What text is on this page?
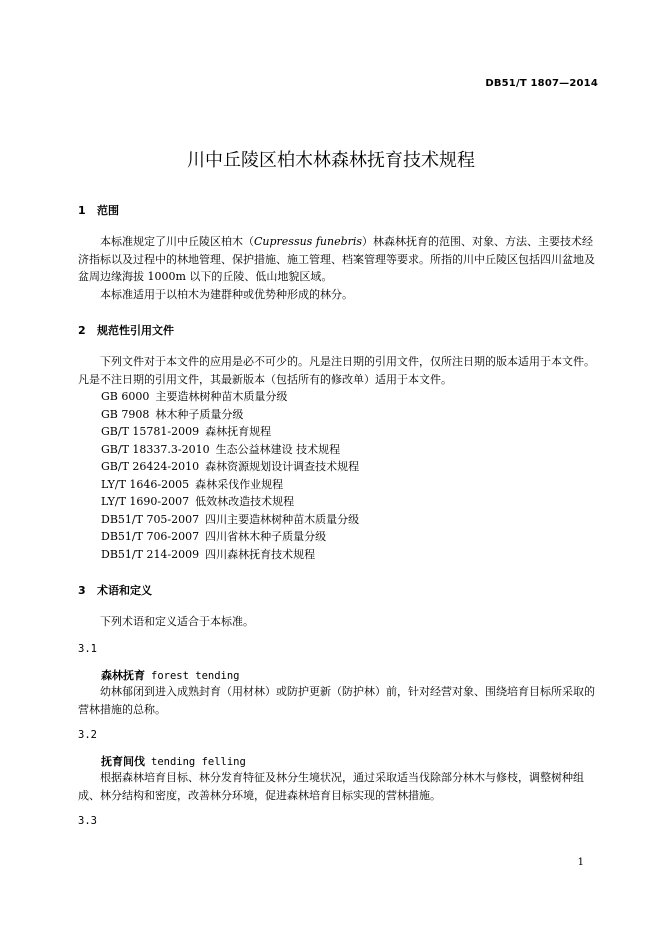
DB51/T 1807—2014
川中丘陵区柏木林森林抚育技术规程
1 范围

本标准规定了川中丘陵区柏木（Cupressus funebris）林森林抚育的范围、对象、方法、主要技术经济指标以及过程中的林地管理、保护措施、施工管理、档案管理等要求。所指的川中丘陵区包括四川盆地及盆周边缘海拔 1000m 以下的丘陵、低山地貌区域。

本标准适用于以柏木为建群种或优势种形成的林分。

2 规范性引用文件

下列文件对于本文件的应用是必不可少的。凡是注日期的引用文件，仅所注日期的版本适用于本文件。凡是不注日期的引用文件，其最新版本（包括所有的修改单）适用于本文件。

GB 6000 主要造林树种苗木质量分级
GB 7908 林木种子质量分级
GB/T 15781-2009 森林抚育规程
GB/T 18337.3-2010 生态公益林建设 技术规程
GB/T 26424-2010 森林资源规划设计调查技术规程
LY/T 1646-2005 森林采伐作业规程
LY/T 1690-2007 低效林改造技术规程
DB51/T 705-2007 四川主要造林树种苗木质量分级
DB51/T 706-2007 四川省林木种子质量分级
DB51/T 214-2009 四川森林抚育技术规程
3 术语和定义

下列术语和定义适合于本标准。

3.1
森林抚育 forest tending

幼林郁闭到进入成熟封育（用材林）或防护更新（防护林）前，针对经营对象、围绕培育目标所采取的营林措施的总称。

3.2
抚育间伐 tending felling

根据森林培育目标、林分发育特征及林分生境状况，通过采取适当伐除部分林木与修枝，调整树种组成、林分结构和密度，改善林分环境，促进森林培育目标实现的营林措施。

3.3
1
